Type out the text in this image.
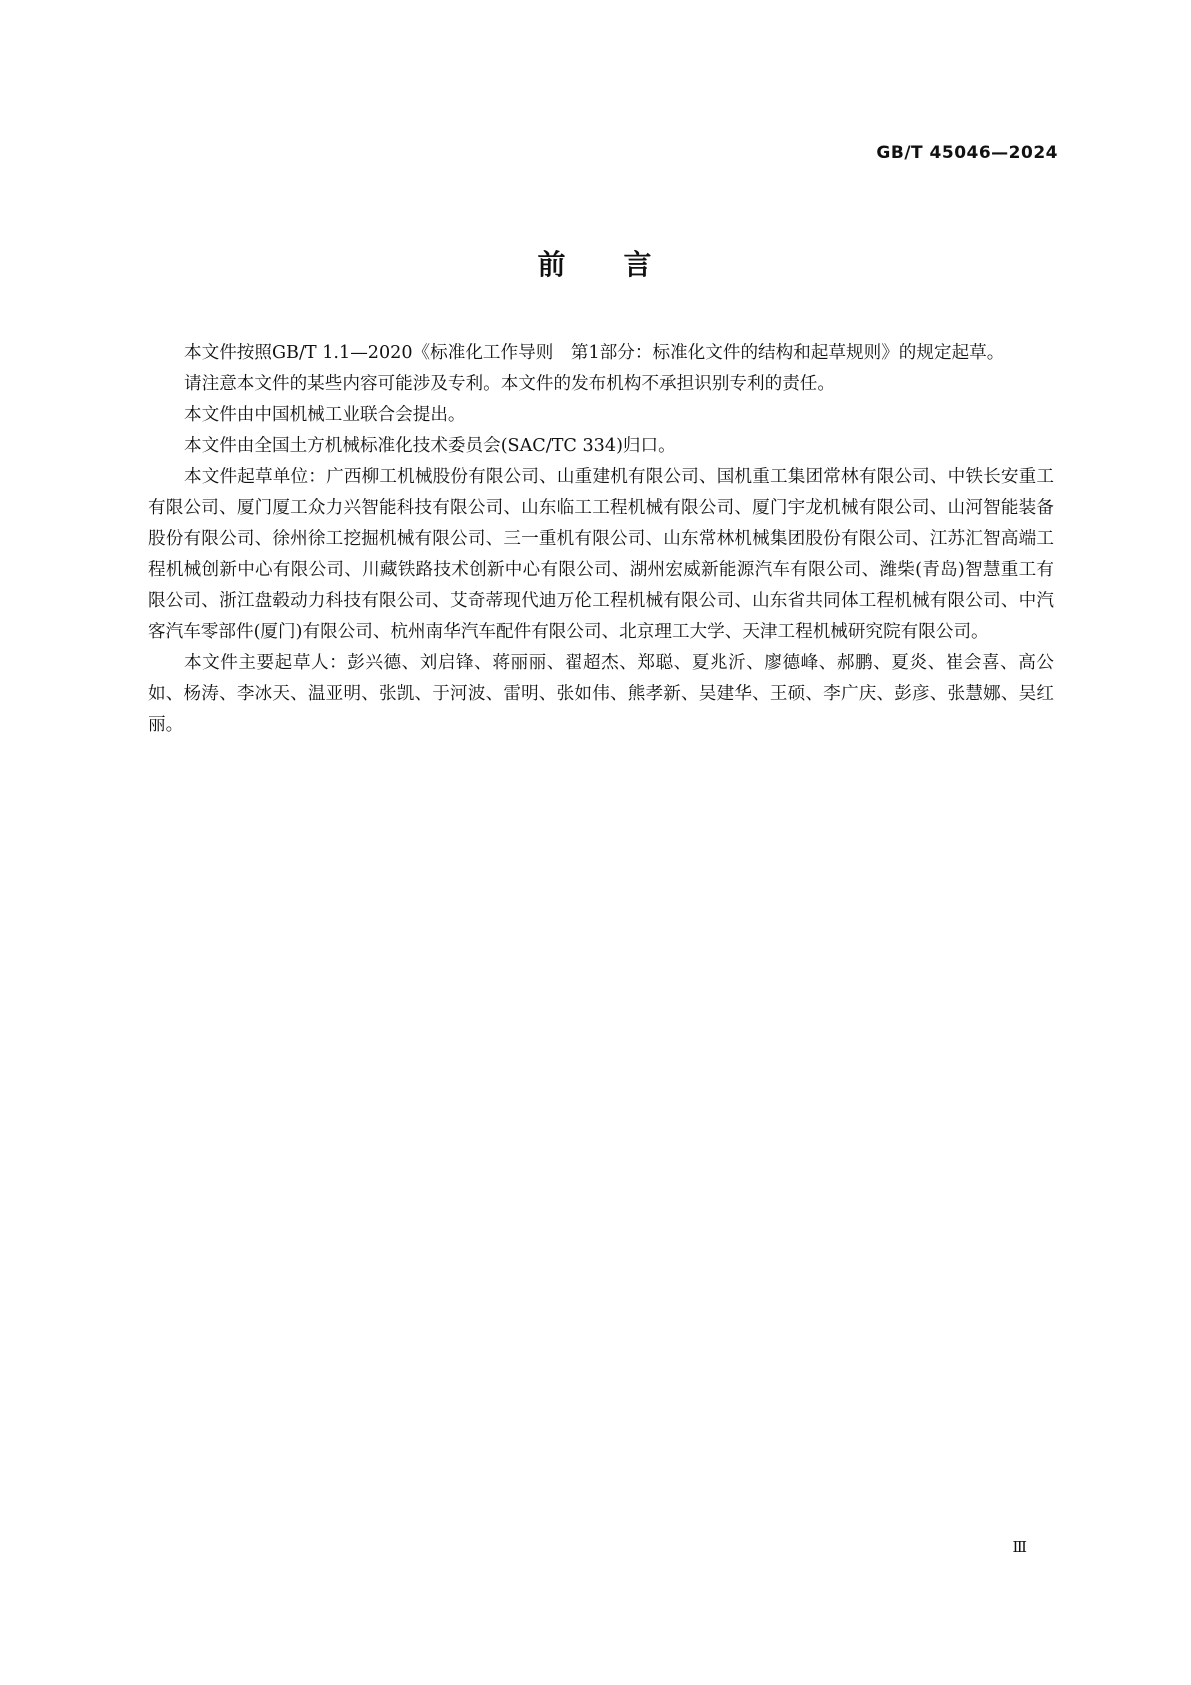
GB/T 45046—2024
前 言

本文件按照GB/T 1.1—2020《标准化工作导则　第1部分：标准化文件的结构和起草规则》的规定起草。

请注意本文件的某些内容可能涉及专利。本文件的发布机构不承担识别专利的责任。

本文件由中国机械工业联合会提出。

本文件由全国土方机械标准化技术委员会(SAC/TC 334)归口。

本文件起草单位：广西柳工机械股份有限公司、山重建机有限公司、国机重工集团常林有限公司、中铁长安重工有限公司、厦门厦工众力兴智能科技有限公司、山东临工工程机械有限公司、厦门宇龙机械有限公司、山河智能装备股份有限公司、徐州徐工挖掘机械有限公司、三一重机有限公司、山东常林机械集团股份有限公司、江苏汇智高端工程机械创新中心有限公司、川藏铁路技术创新中心有限公司、湖州宏威新能源汽车有限公司、潍柴(青岛)智慧重工有限公司、浙江盘毂动力科技有限公司、艾奇蒂现代迪万伦工程机械有限公司、山东省共同体工程机械有限公司、中汽客汽车零部件(厦门)有限公司、杭州南华汽车配件有限公司、北京理工大学、天津工程机械研究院有限公司。

本文件主要起草人：彭兴德、刘启锋、蒋丽丽、翟超杰、郑聪、夏兆沂、廖德峰、郝鹏、夏炎、崔会喜、高公如、杨涛、李冰天、温亚明、张凯、于河波、雷明、张如伟、熊孝新、吴建华、王硕、李广庆、彭彦、张慧娜、吴红丽。

Ⅲ
